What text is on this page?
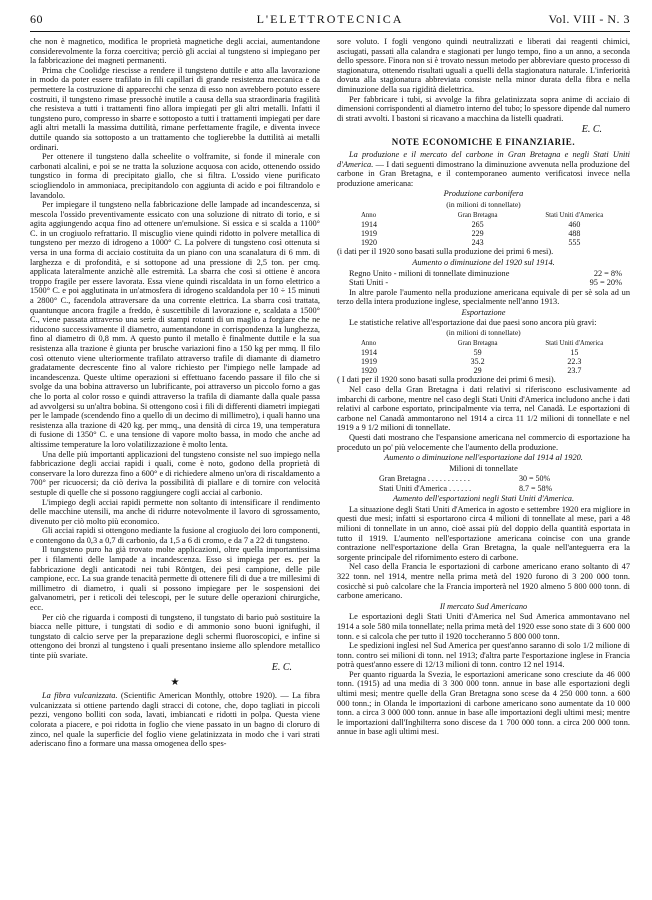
60	L'ELETTROTECNICA	Vol. VIII - N. 3

che non è magnetico, modifica le proprietà magnetiche degli acciai, aumentandone considerevolmente la forza coercitiva; perciò gli acciai al tungsteno si impiegano per la fabbricazione dei magneti permanenti.

Prima che Coolidge riescisse a rendere il tungsteno duttile e atto alla lavorazione in modo da poter essere trafilato in fili capillari di grande resistenza meccanica e da permettere la costruzione di apparecchi che senza di esso non avrebbero potuto essere costruiti, il tungsteno rimase pressochè inutile a causa della sua straordinaria fragilità che resisteva a tutti i trattamenti fino allora impiegati per gli altri metalli. Infatti il tungsteno puro, compresso in sbarre e sottoposto a tutti i trattamenti impiegati per dare agli altri metalli la massima duttilità, rimane perfettamente fragile, e diventa invece duttile quando sia sottoposto a un trattamento che toglierebbe la duttilità ai metalli ordinari.

Per ottenere il tungsteno dalla scheelite o volframite, si fonde il minerale con carbonati alcalini, e poi se ne tratta la soluzione acquosa con acido, ottenendo ossido tungstico in forma di precipitato giallo, che si filtra. L'ossido viene purificato sciogliendolo in ammoniaca, precipitandolo con aggiunta di acido e poi filtrandolo e lavandolo.

Per impiegare il tungsteno nella fabbricazione delle lampade ad incandescenza, si mescola l'ossido preventivamente essicato con una soluzione di nitrato di torio, e si agita aggiungendo acqua fino ad ottenere un'emulsione. Si essica e si scalda a 1100° C. in un crogiuolo refrattario. Il miscuglio viene quindi ridotto in polvere metallica di tungsteno per mezzo di idrogeno a 1000° C. La polvere di tungsteno così ottenuta si versa in una forma di acciaio costituita da un piano con una scanalatura di 6 mm. di larghezza e di profondità, e si sottopone ad una pressione di 2,5 ton. per cmq. applicata lateralmente anzichè alle estremità. La sbarra che così si ottiene è ancora troppo fragile per essere lavorata. Essa viene quindi riscaldata in un forno elettrico a 1500° C. e poi agglutinata in un'atmosfera di idrogeno scaldandola per 10 ÷ 15 minuti a 2800° C., facendola attraversare da una corrente elettrica. La sbarra così trattata, quantunque ancora fragile a freddo, è suscettibile di lavorazione e, scaldata a 1500° C., viene passata attraverso una serie di stampi rotanti di un maglio a forgiare che ne riducono successivamente il diametro, aumentandone in corrispondenza la lunghezza, fino al diametro di 0,8 mm. A questo punto il metallo è finalmente duttile e la sua resistenza alla trazione è giunta per brusche variazioni fino a 150 kg per mmq. Il filo così ottenuto viene ulteriormente trafilato attraverso trafile di diamante di diametro gradatamente decrescente fino al valore richiesto per l'impiego nelle lampade ad incandescenza. Queste ultime operazioni si effettuano facendo passare il filo che si svolge da una bobina attraverso un lubrificante, poi attraverso un piccolo forno a gas che lo porta al color rosso e quindi attraverso la trafila di diamante dalla quale passa ad avvolgersi su un'altra bobina. Si ottengono così i fili di differenti diametri impiegati per le lampade (scendendo fino a quello di un decimo di millimetro), i quali hanno una resistenza alla trazione di 420 kg. per mmq., una densità di circa 19, una temperatura di fusione di 1350° C. e una tensione di vapore molto bassa, in modo che anche ad altissime temperature la loro volatilizzazione è molto lenta.

Una delle più importanti applicazioni del tungsteno consiste nel suo impiego nella fabbricazione degli acciai rapidi i quali, come è noto, godono della proprietà di conservare la loro durezza fino a 600° e di richiedere almeno un'ora di riscaldamento a 700° per ricuocersi; da ciò deriva la possibilità di piallare e di tornire con velocità sestuple di quelle che si possono raggiungere cogli acciai al carbonio.

L'impiego degli acciai rapidi permette non soltanto di intensificare il rendimento delle macchine utensili, ma anche di ridurre notevolmente il lavoro di sgrossamento, divenuto per ciò molto più economico.

Gli acciai rapidi si ottengono mediante la fusione al crogiuolo dei loro componenti, e contengono da 0,3 a 0,7 di carbonio, da 1,5 a 6 di cromo, e da 7 a 22 di tungsteno.

Il tungsteno puro ha già trovato molte applicazioni, oltre quella importantissima per i filamenti delle lampade a incandescenza. Esso si impiega per es. per la fabbricazione degli anticatodi nei tubi Röntgen, dei pesi campione, delle pile campione, ecc. La sua grande tenacità permette di ottenere fili di due a tre millesimi di millimetro di diametro, i quali si possono impiegare per le sospensioni dei galvanometri, per i reticoli dei telescopi, per le suture delle operazioni chirurgiche, ecc.

Per ciò che riguarda i composti di tungsteno, il tungstato di bario può sostituire la biacca nelle pitture, i tungstati di sodio e di ammonio sono buoni ignifughi, il tungstato di calcio serve per la preparazione degli schermi fluoroscopici, e infine si ottengono dei bronzi al tungsteno i quali presentano insieme allo splendore metallico tinte più svariate.

E. C.

★

La fibra vulcanizzata. (Scientific American Monthly, ottobre 1920). — La fibra vulcanizzata si ottiene partendo dagli stracci di cotone, che, dopo tagliati in piccoli pezzi, vengono bolliti con soda, lavati, imbiancati e ridotti in polpa. Questa viene colorata a piacere, e poi ridotta in foglio che viene passato in un bagno di cloruro di zinco, nel quale la superficie del foglio viene gelatinizzata in modo che i vari strati aderiscano fino a formare una massa omogenea dello spes-

sore voluto. I fogli vengono quindi neutralizzati e liberati dai reagenti chimici, asciugati, passati alla calandra e stagionati per lungo tempo, fino a un anno, a seconda dello spessore. Finora non si è trovato nessun metodo per abbreviare questo processo di stagionatura, ottenendo risultati uguali a quelli della stagionatura naturale. L'inferiorità dovuta alla stagionatura abbreviata consiste nella minor durata della fibra e nella diminuzione della sua rigidità dielettrica.

Per fabbricare i tubi, si avvolge la fibra gelatinizzata sopra anime di acciaio di dimensioni corrispondenti al diametro interno del tubo; lo spessore dipende dal numero di strati avvolti. I bastoni si ricavano a macchina da listelli quadrati.

E. C.

NOTE ECONOMICHE E FINANZIARIE.

La produzione e il mercato del carbone in Gran Bretagna e negli Stati Uniti d'America. — I dati seguenti dimostrano la diminuzione avvenuta nella produzione del carbone in Gran Bretagna, e il contemporaneo aumento verificatosi invece nella produzione americana:

Produzione carbonifera
(in milioni di tonnellate)
Anno	Gran Bretagna	Stati Uniti d'America
1914	265	460
1919	229	488
1920	243	555

(i dati per il 1920 sono basati sulla produzione dei primi 6 mesi).

Aumento o diminuzione del 1920 sul 1914.
Regno Unito - milioni di tonnellate diminuzione	22 = 8%
Stati Uniti -	95 = 20%

In altre parole l'aumento nella produzione americana equivale di per sè sola ad un terzo della intera produzione inglese, specialmente nell'anno 1913.

Esportazione

Le statistiche relative all'esportazione dai due paesi sono ancora più gravi:

(in milioni di tonnellate)
Anno	Gran Bretagna	Stati Uniti d'America
1914	59	15
1919	35.2	22.3
1920	29	23.7

( I dati per il 1920 sono basati sulla produzione dei primi 6 mesi).

Nel caso della Gran Bretagna i dati relativi si riferiscono esclusivamente ad imbarchi di carbone, mentre nel caso degli Stati Uniti d'America includono anche i dati relativi al carbone esportato, principalmente via terra, nel Canadà. Le esportazioni di carbone nel Canadà ammontarono nel 1914 a circa 11 1/2 milioni di tonnellate e nel 1919 a 9 1/2 milioni di tonnellate.

Questi dati mostrano che l'espansione americana nel commercio di esportazione ha proceduto un po' più velocemente che l'aumento della produzione.

Aumento o diminuzione nell'esportazione dal 1914 al 1920.
Milioni di tonnellate
Gran Bretagna . . . . . . . . . . .	30 = 50%
Stati Uniti d'America . . . . . .	8.7 = 58%
Aumento dell'esportazioni negli Stati Uniti d'America.

La situazione degli Stati Uniti d'America in agosto e settembre 1920 era migliore in questi due mesi; infatti si esportarono circa 4 milioni di tonnellate al mese, pari a 48 milioni di tonnellate in un anno, cioè assai più del doppio della quantità esportata in tutto il 1919. L'aumento nell'esportazione americana coincise con una grande contrazione nell'esportazione della Gran Bretagna, la quale nell'anteguerra era la sorgente principale del rifornimento estero di carbone.

Nel caso della Francia le esportazioni di carbone americano erano soltanto di 47 322 tonn. nel 1914, mentre nella prima metà del 1920 furono di 3 200 000 tonn. cosicchè si può calcolare che la Francia importerà nel 1920 almeno 5 800 000 tonn. di carbone americano.

Il mercato Sud Americano

Le esportazioni degli Stati Uniti d'America nel Sud America ammontavano nel 1914 a sole 580 mila tonnellate; nella prima metà del 1920 esse sono state di 3 600 000 tonn. e si calcola che per tutto il 1920 toccheranno 5 800 000 tonn.

Le spedizioni inglesi nel Sud America per quest'anno saranno di solo 1/2 milione di tonn. contro sei milioni di tonn. nel 1913; d'altra parte l'esportazione inglese in Francia potrà quest'anno essere di 12/13 milioni di tonn. contro 12 nel 1914.

Per quanto riguarda la Svezia, le esportazioni americane sono cresciute da 46 000 tonn. (1915) ad una media di 3 300 000 tonn. annue in base alle esportazioni degli ultimi mesi; mentre quelle della Gran Bretagna sono scese da 4 250 000 tonn. a 600 000 tonn.; in Olanda le importazioni di carbone americano sono aumentate da 10 000 tonn. a circa 3 000 000 tonn. annue in base alle importazioni degli ultimi mesi; mentre le importazioni dall'Inghilterra sono discese da 1 700 000 tonn. a circa 200 000 tonn. annue in base agli ultimi mesi.
